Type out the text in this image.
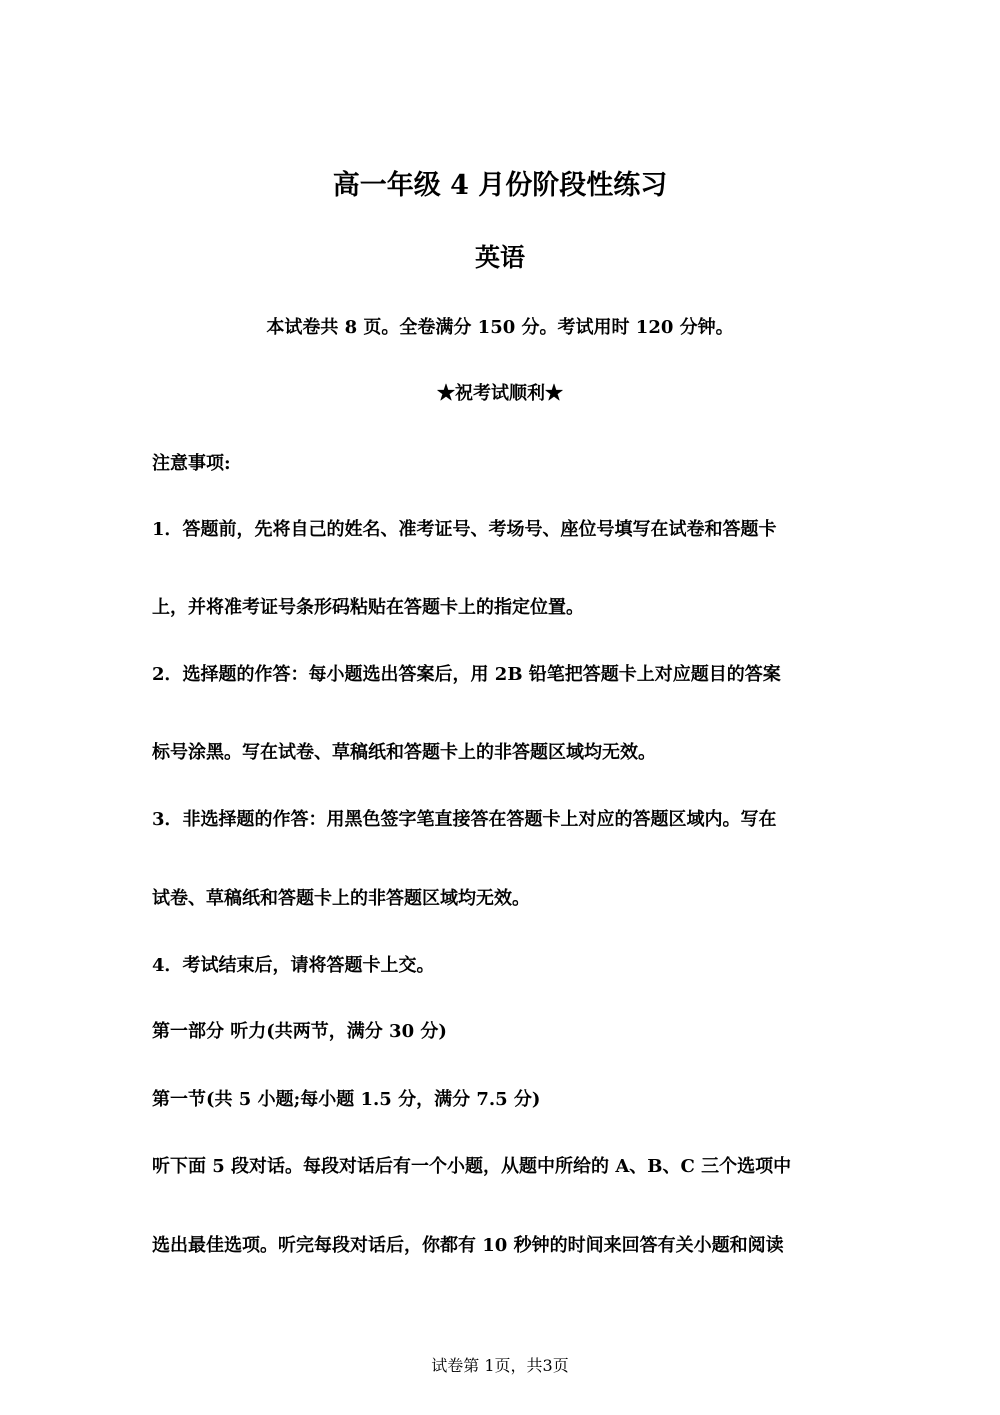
高一年级 4 月份阶段性练习
英语
本试卷共 8 页。全卷满分 150 分。考试用时 120 分钟。
★祝考试顺利★
注意事项:
1．答题前，先将自己的姓名、准考证号、考场号、座位号填写在试卷和答题卡
上，并将准考证号条形码粘贴在答题卡上的指定位置。
2．选择题的作答：每小题选出答案后，用 2B 铅笔把答题卡上对应题目的答案
标号涂黑。写在试卷、草稿纸和答题卡上的非答题区域均无效。
3．非选择题的作答：用黑色签字笔直接答在答题卡上对应的答题区域内。写在
试卷、草稿纸和答题卡上的非答题区域均无效。
4．考试结束后，请将答题卡上交。
第一部分 听力(共两节，满分 30 分)
第一节(共 5 小题;每小题 1.5 分，满分 7.5 分)
听下面 5 段对话。每段对话后有一个小题，从题中所给的 A、B、C 三个选项中
选出最佳选项。听完每段对话后，你都有 10 秒钟的时间来回答有关小题和阅读
试卷第 1页，共3页
